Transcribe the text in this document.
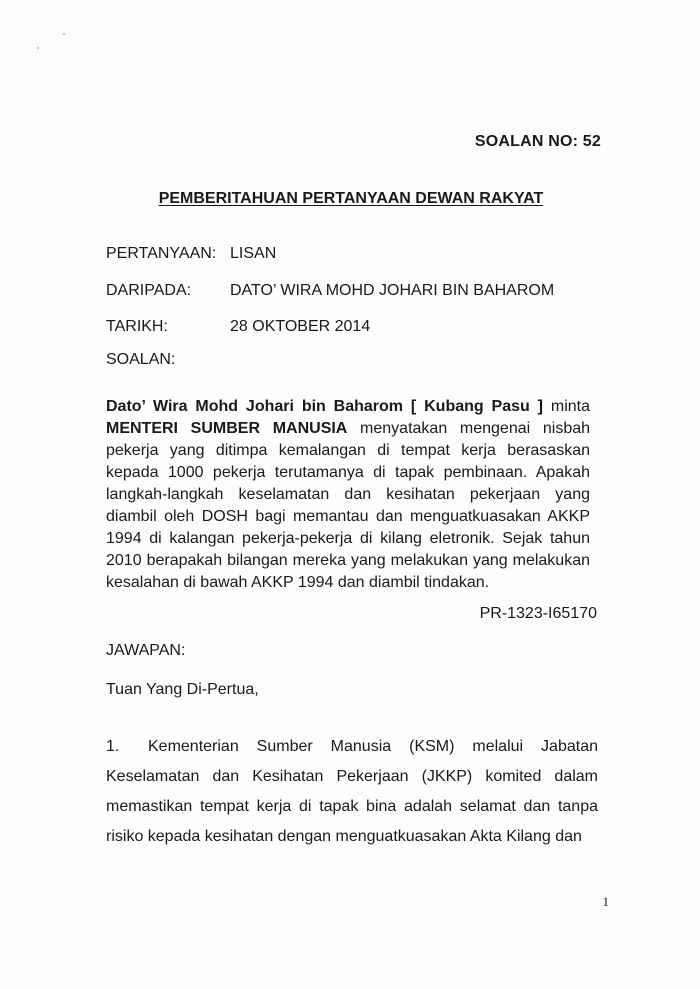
SOALAN NO: 52
PEMBERITAHUAN PERTANYAAN DEWAN RAKYAT
PERTANYAAN: LISAN
DARIPADA:	DATO’ WIRA MOHD JOHARI BIN BAHAROM
TARIKH:	28 OKTOBER 2014
SOALAN:
Dato’ Wira Mohd Johari bin Baharom [ Kubang Pasu ] minta MENTERI SUMBER MANUSIA menyatakan mengenai nisbah pekerja yang ditimpa kemalangan di tempat kerja berasaskan kepada 1000 pekerja terutamanya di tapak pembinaan. Apakah langkah-langkah keselamatan dan kesihatan pekerjaan yang diambil oleh DOSH bagi memantau dan menguatkuasakan AKKP 1994 di kalangan pekerja-pekerja di kilang eletronik. Sejak tahun 2010 berapakah bilangan mereka yang melakukan yang melakukan kesalahan di bawah AKKP 1994 dan diambil tindakan.
PR-1323-I65170
JAWAPAN:
Tuan Yang Di-Pertua,
1. Kementerian Sumber Manusia (KSM) melalui Jabatan Keselamatan dan Kesihatan Pekerjaan (JKKP) komited dalam memastikan tempat kerja di tapak bina adalah selamat dan tanpa risiko kepada kesihatan dengan menguatkuasakan Akta Kilang dan
1
